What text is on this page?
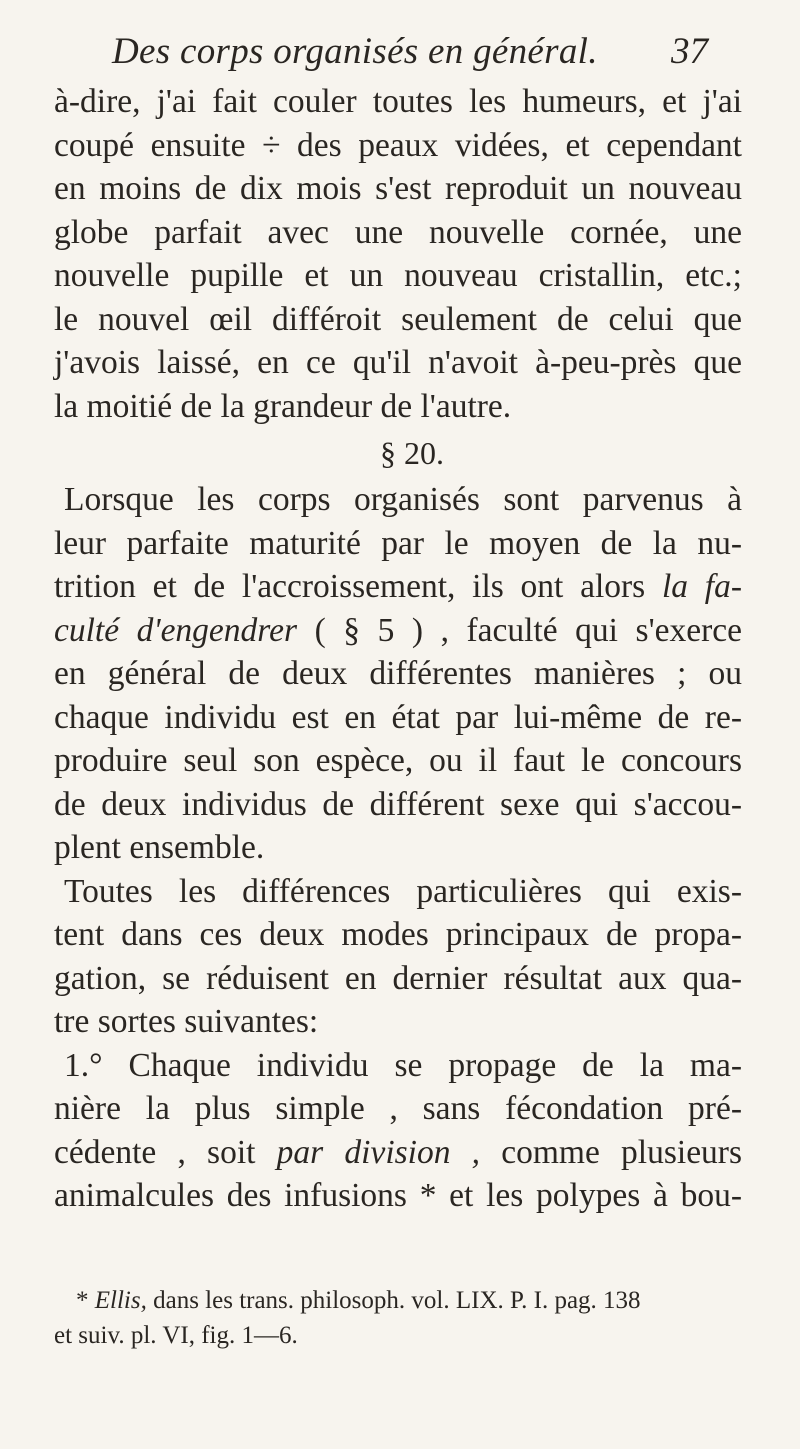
Des corps organisés en général. 37
à-dire, j'ai fait couler toutes les humeurs, et j'ai
coupé ensuite ÷ des peaux vidées, et cependant
en moins de dix mois s'est reproduit un nouveau
globe parfait avec une nouvelle cornée, une
nouvelle pupille et un nouveau cristallin, etc.;
le nouvel œil différoit seulement de celui que
j'avois laissé, en ce qu'il n'avoit à-peu-près que
la moitié de la grandeur de l'autre.
§ 20.
Lorsque les corps organisés sont parvenus à
leur parfaite maturité par le moyen de la nu-
trition et de l'accroissement, ils ont alors la fa-
culté d'engendrer ( § 5 ) , faculté qui s'exerce
en général de deux différentes manières ; ou
chaque individu est en état par lui-même de re-
produire seul son espèce, ou il faut le concours
de deux individus de différent sexe qui s'accou-
plent ensemble.
Toutes les différences particulières qui exis-
tent dans ces deux modes principaux de propa-
gation, se réduisent en dernier résultat aux qua-
tre sortes suivantes:
1.° Chaque individu se propage de la ma-
nière la plus simple , sans fécondation pré-
cédente , soit par division , comme plusieurs
animalcules des infusions * et les polypes à bou-
* Ellis, dans les trans. philosoph. vol. LIX. P. I. pag. 138
et suiv. pl. VI, fig. 1—6.
